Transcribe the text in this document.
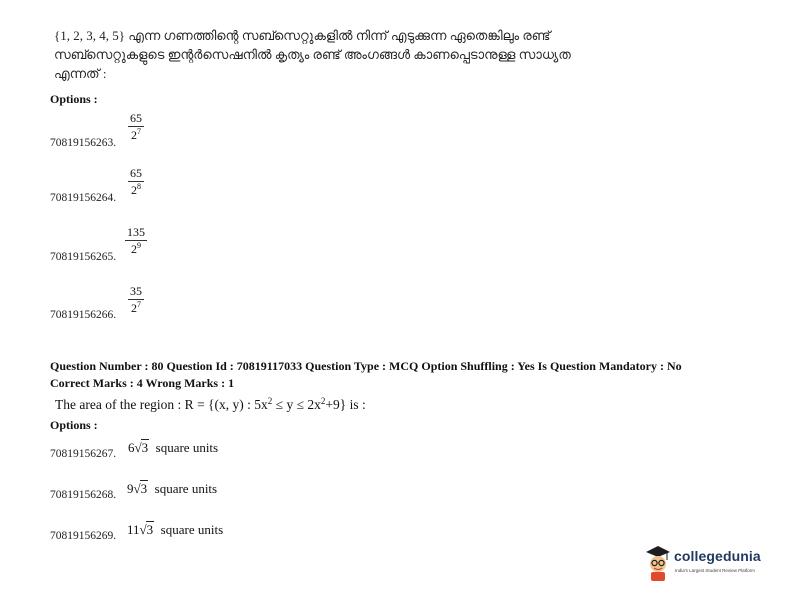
{1, 2, 3, 4, 5} എന്ന ഗണത്തിന്റെ സബ്സെറ്റുകളിൽ നിന്ന് എടുക്കുന്ന ഏതെങ്കിലും രണ്ട്
സബ്സെറ്റുകളുടെ ഇന്റർസെഷനിൽ കൃത്യം രണ്ട് അംഗങ്ങൾ കാണപ്പെടാനുള്ള സാധ്യത
എന്നത് :
Options :
70819156263.
$\frac{65}{2^7}$
70819156264.
$\frac{65}{2^8}$
70819156265.
$\frac{135}{2^9}$
70819156266. $\frac{35}{2^7}$
Question Number : 80 Question Id : 70819117033 Question Type : MCQ Option Shuffling : Yes Is Question Mandatory : No
Correct Marks : 4 Wrong Marks : 1
The area of the region : R = {(x, y) : $5x^2 \le y \le 2x^2+9$} is :
Options :
70819156267. 6√3 square units
70819156268. 9√3 square units
70819156269. 11√3 square units
collegedunia
India's Largest Student Review Platform
